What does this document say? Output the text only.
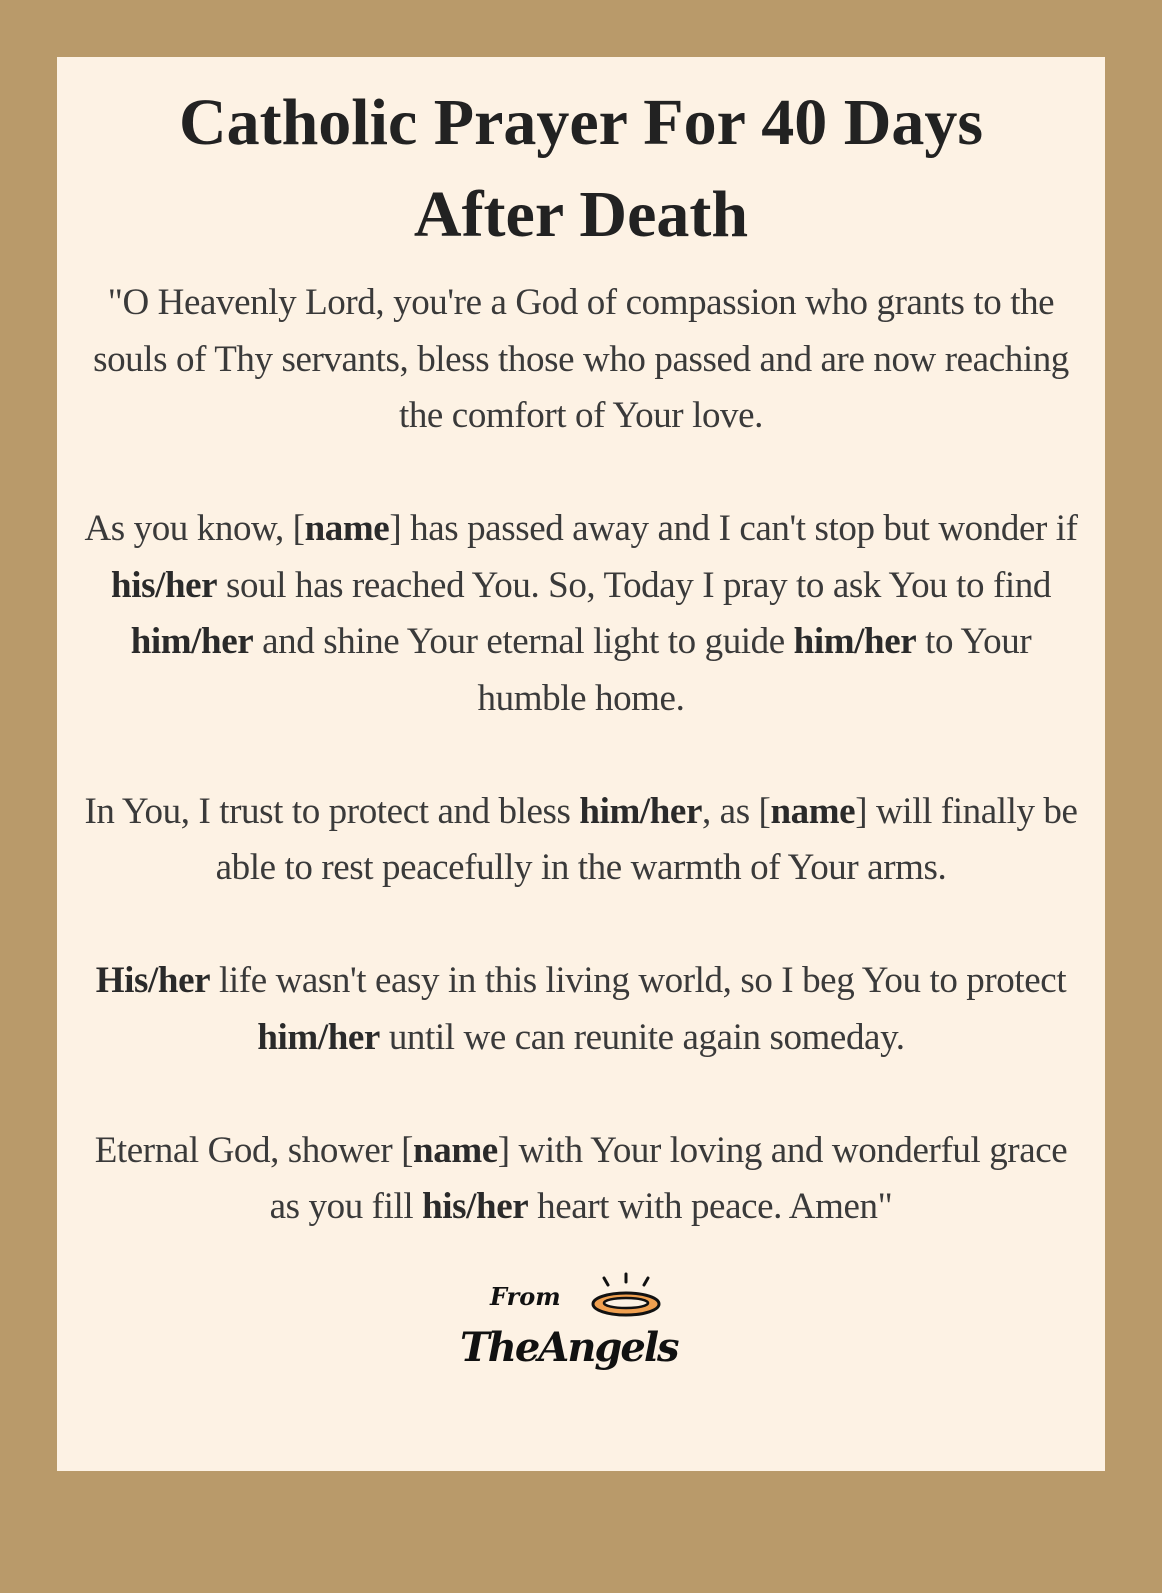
Catholic Prayer For 40 Days After Death

"O Heavenly Lord, you're a God of compassion who grants to the souls of Thy servants, bless those who passed and are now reaching the comfort of Your love.

As you know, [name] has passed away and I can't stop but wonder if his/her soul has reached You. So, Today I pray to ask You to find him/her and shine Your eternal light to guide him/her to Your humble home.

In You, I trust to protect and bless him/her, as [name] will finally be able to rest peacefully in the warmth of Your arms.

His/her life wasn't easy in this living world, so I beg You to protect him/her until we can reunite again someday.

Eternal God, shower [name] with Your loving and wonderful grace as you fill his/her heart with peace. Amen"

From
TheAngels
